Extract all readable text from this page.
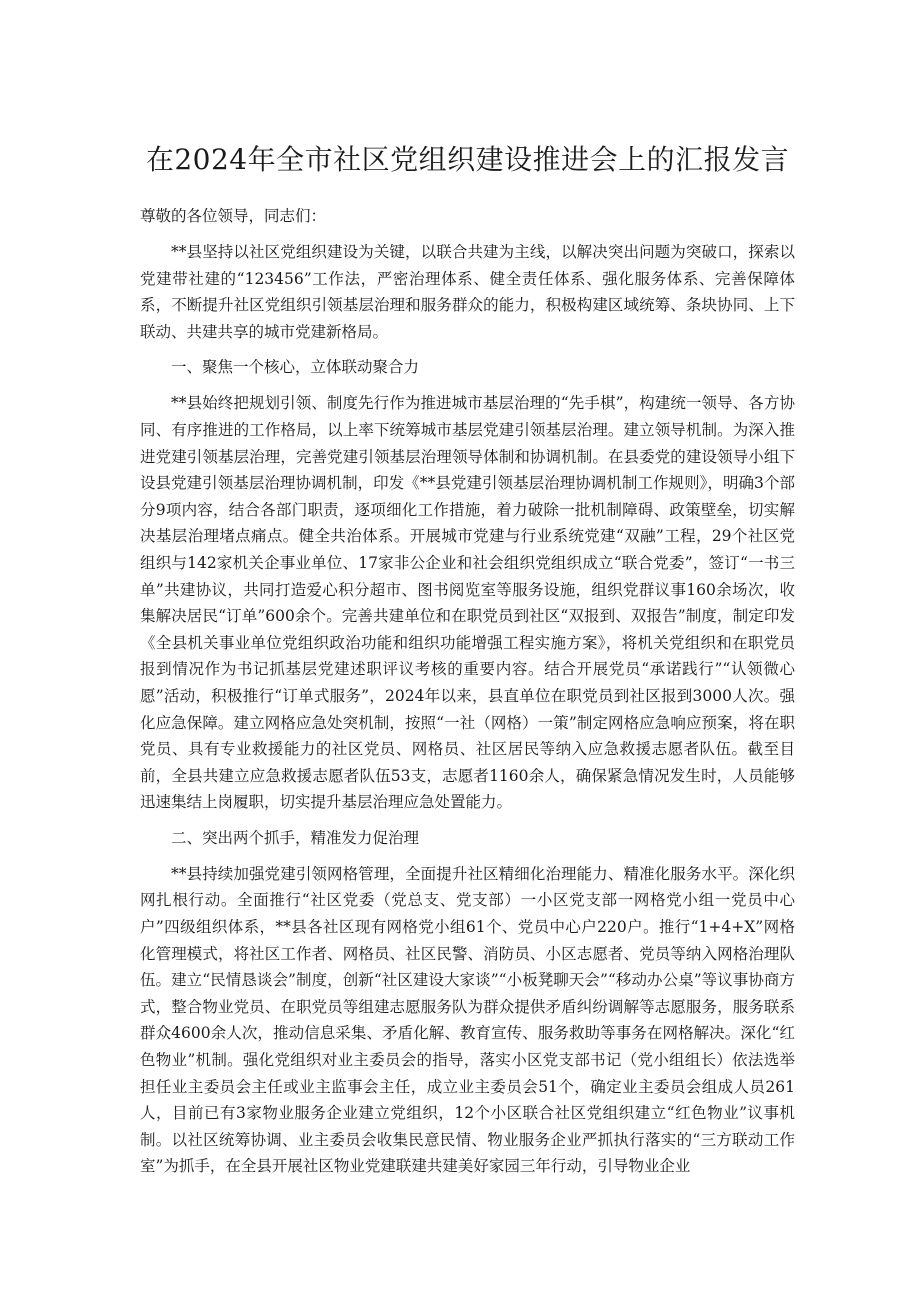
在2024年全市社区党组织建设推进会上的汇报发言

尊敬的各位领导，同志们：

**县坚持以社区党组织建设为关键，以联合共建为主线，以解决突出问题为突破口，探索以党建带社建的“123456”工作法，严密治理体系、健全责任体系、强化服务体系、完善保障体系，不断提升社区党组织引领基层治理和服务群众的能力，积极构建区域统筹、条块协同、上下联动、共建共享的城市党建新格局。

一、聚焦一个核心，立体联动聚合力

**县始终把规划引领、制度先行作为推进城市基层治理的“先手棋”，构建统一领导、各方协同、有序推进的工作格局，以上率下统筹城市基层党建引领基层治理。建立领导机制。为深入推进党建引领基层治理，完善党建引领基层治理领导体制和协调机制。在县委党的建设领导小组下设县党建引领基层治理协调机制，印发《**县党建引领基层治理协调机制工作规则》，明确3个部分9项内容，结合各部门职责，逐项细化工作措施，着力破除一批机制障碍、政策壁垒，切实解决基层治理堵点痛点。健全共治体系。开展城市党建与行业系统党建“双融”工程，29个社区党组织与142家机关企事业单位、17家非公企业和社会组织党组织成立“联合党委”，签订“一书三单”共建协议，共同打造爱心积分超市、图书阅览室等服务设施，组织党群议事160余场次，收集解决居民“订单”600余个。完善共建单位和在职党员到社区“双报到、双报告”制度，制定印发《全县机关事业单位党组织政治功能和组织功能增强工程实施方案》，将机关党组织和在职党员报到情况作为书记抓基层党建述职评议考核的重要内容。结合开展党员“承诺践行”“认领微心愿”活动，积极推行“订单式服务”，2024年以来，县直单位在职党员到社区报到3000人次。强化应急保障。建立网格应急处突机制，按照“一社（网格）一策”制定网格应急响应预案，将在职党员、具有专业救援能力的社区党员、网格员、社区居民等纳入应急救援志愿者队伍。截至目前，全县共建立应急救援志愿者队伍53支，志愿者1160余人，确保紧急情况发生时，人员能够迅速集结上岗履职，切实提升基层治理应急处置能力。

二、突出两个抓手，精准发力促治理

**县持续加强党建引领网格管理，全面提升社区精细化治理能力、精准化服务水平。深化织网扎根行动。全面推行“社区党委（党总支、党支部）一小区党支部一网格党小组一党员中心户”四级组织体系，**县各社区现有网格党小组61个、党员中心户220户。推行“1+4+X”网格化管理模式，将社区工作者、网格员、社区民警、消防员、小区志愿者、党员等纳入网格治理队伍。建立“民情恳谈会”制度，创新“社区建设大家谈”“小板凳聊天会”“移动办公桌”等议事协商方式，整合物业党员、在职党员等组建志愿服务队为群众提供矛盾纠纷调解等志愿服务，服务联系群众4600余人次，推动信息采集、矛盾化解、教育宣传、服务救助等事务在网格解决。深化“红色物业”机制。强化党组织对业主委员会的指导，落实小区党支部书记（党小组组长）依法选举担任业主委员会主任或业主监事会主任，成立业主委员会51个，确定业主委员会组成人员261人，目前已有3家物业服务企业建立党组织，12个小区联合社区党组织建立“红色物业”议事机制。以社区统筹协调、业主委员会收集民意民情、物业服务企业严抓执行落实的“三方联动工作室”为抓手，在全县开展社区物业党建联建共建美好家园三年行动，引导物业企业
